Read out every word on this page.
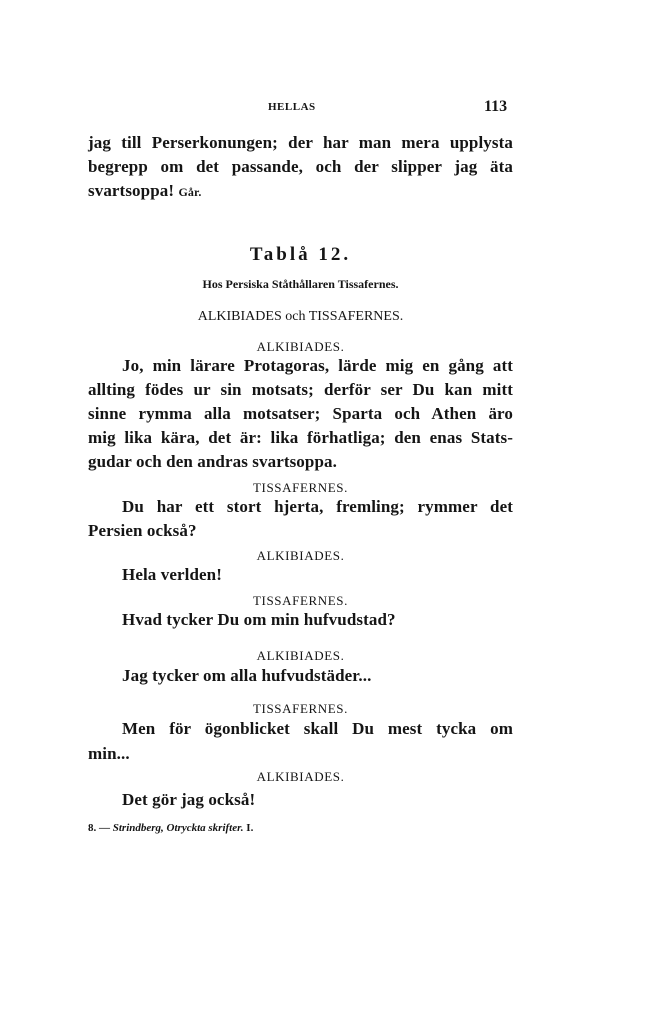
HELLAS	113
jag till Perserkonungen; der har man mera upplysta
begrepp om det passande, och der slipper jag äta
svartsoppa! Går.
Tablå 12.
Hos Persiska Ståthållaren Tissafernes.
ALKIBIADES och TISSAFERNES.
ALKIBIADES.
Jo, min lärare Protagoras, lärde mig en gång att
allting födes ur sin motsats; derför ser Du kan mitt
sinne rymma alla motsatser; Sparta och Athen äro
mig lika kära, det är: lika förhatliga; den enas Stats-
gudar och den andras svartsoppa.
TISSAFERNES.
Du har ett stort hjerta, fremling; rymmer det
Persien också?
ALKIBIADES.
Hela verlden!
TISSAFERNES.
Hvad tycker Du om min hufvudstad?
ALKIBIADES.
Jag tycker om alla hufvudstäder...
TISSAFERNES.
Men för ögonblicket skall Du mest tycka om
min...
ALKIBIADES.
Det gör jag också!
8. — Strindberg, Otryckta skrifter. I.
